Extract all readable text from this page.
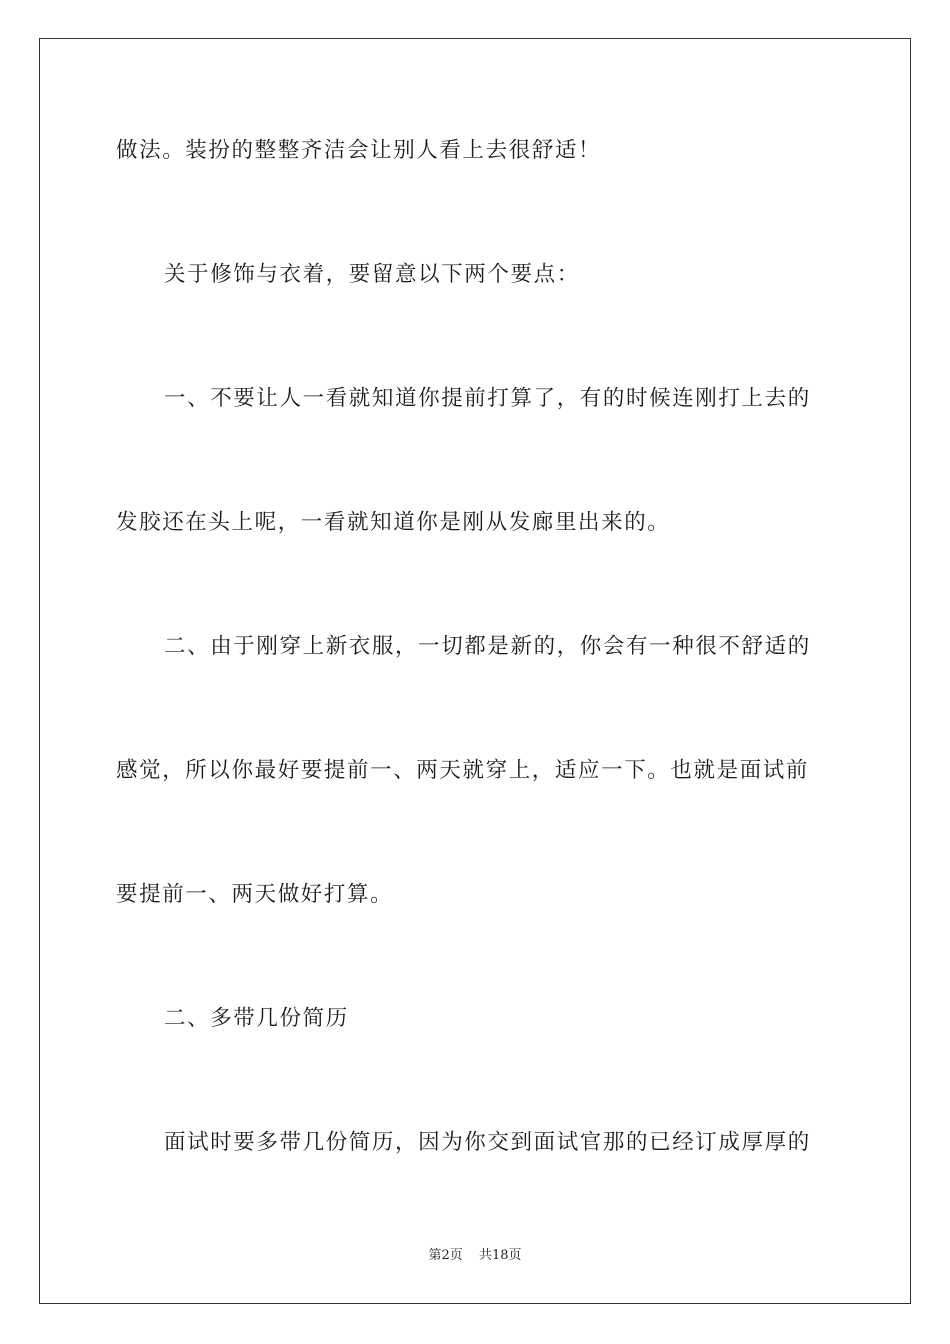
做法。装扮的整整齐洁会让别人看上去很舒适！
关于修饰与衣着，要留意以下两个要点：
一、不要让人一看就知道你提前打算了，有的时候连刚打上去的
发胶还在头上呢，一看就知道你是刚从发廊里出来的。
二、由于刚穿上新衣服，一切都是新的，你会有一种很不舒适的
感觉，所以你最好要提前一、两天就穿上，适应一下。也就是面试前
要提前一、两天做好打算。
二、多带几份简历
面试时要多带几份简历，因为你交到面试官那的已经订成厚厚的
第2页 共18页
